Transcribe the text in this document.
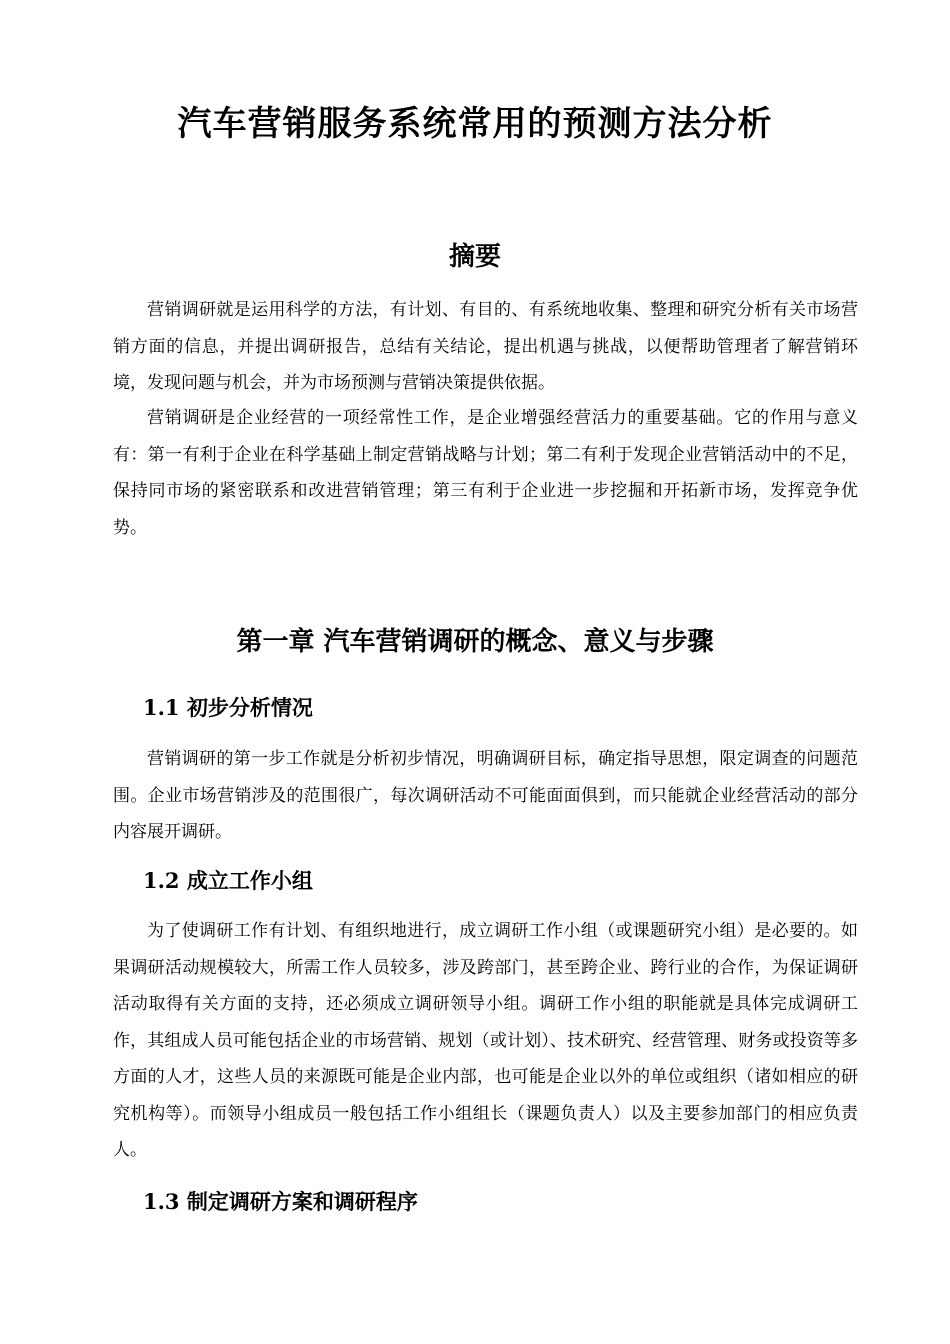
汽车营销服务系统常用的预测方法分析
摘要

营销调研就是运用科学的方法，有计划、有目的、有系统地收集、整理和研究分析有关市场营销方面的信息，并提出调研报告，总结有关结论，提出机遇与挑战，以便帮助管理者了解营销环境，发现问题与机会，并为市场预测与营销决策提供依据。

营销调研是企业经营的一项经常性工作，是企业增强经营活力的重要基础。它的作用与意义有：第一有利于企业在科学基础上制定营销战略与计划；第二有利于发现企业营销活动中的不足，保持同市场的紧密联系和改进营销管理；第三有利于企业进一步挖掘和开拓新市场，发挥竞争优势。

第一章 汽车营销调研的概念、意义与步骤
1.1 初步分析情况

营销调研的第一步工作就是分析初步情况，明确调研目标，确定指导思想，限定调查的问题范围。企业市场营销涉及的范围很广，每次调研活动不可能面面俱到，而只能就企业经营活动的部分内容展开调研。

1.2 成立工作小组

为了使调研工作有计划、有组织地进行，成立调研工作小组（或课题研究小组）是必要的。如果调研活动规模较大，所需工作人员较多，涉及跨部门，甚至跨企业、跨行业的合作，为保证调研活动取得有关方面的支持，还必须成立调研领导小组。调研工作小组的职能就是具体完成调研工作，其组成人员可能包括企业的市场营销、规划（或计划）、技术研究、经营管理、财务或投资等多方面的人才，这些人员的来源既可能是企业内部，也可能是企业以外的单位或组织（诸如相应的研究机构等）。而领导小组成员一般包括工作小组组长（课题负责人）以及主要参加部门的相应负责人。

1.3 制定调研方案和调研程序
